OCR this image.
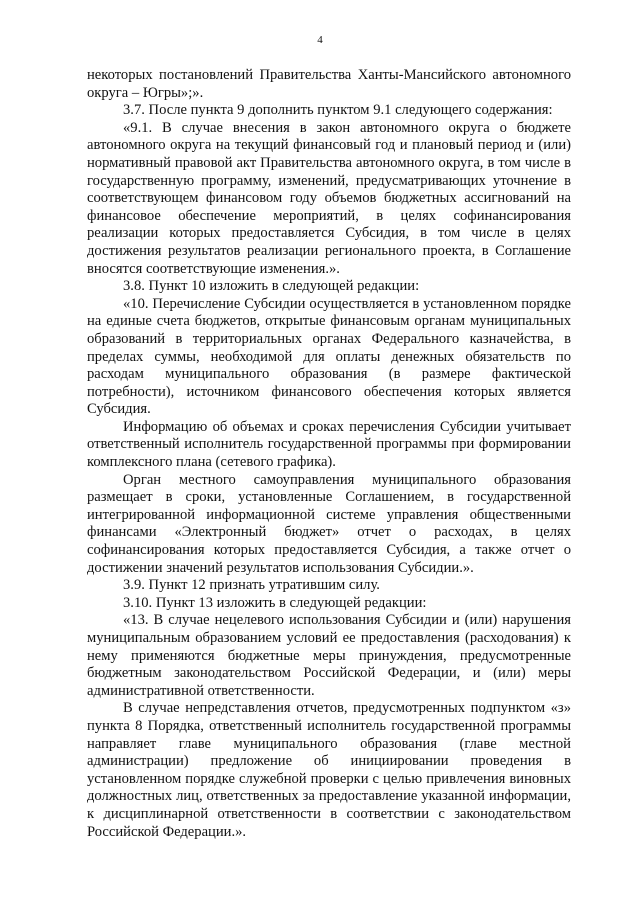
4

некоторых постановлений Правительства Ханты-Мансийского автономного округа – Югры»;».

3.7. После пункта 9 дополнить пунктом 9.1 следующего содержания:

«9.1. В случае внесения в закон автономного округа о бюджете автономного округа на текущий финансовый год и плановый период и (или) нормативный правовой акт Правительства автономного округа, в том числе в государственную программу, изменений, предусматривающих уточнение в соответствующем финансовом году объемов бюджетных ассигнований на финансовое обеспечение мероприятий, в целях софинансирования реализации которых предоставляется Субсидия, в том числе в целях достижения результатов реализации регионального проекта, в Соглашение вносятся соответствующие изменения.».

3.8. Пункт 10 изложить в следующей редакции:

«10. Перечисление Субсидии осуществляется в установленном порядке на единые счета бюджетов, открытые финансовым органам муниципальных образований в территориальных органах Федерального казначейства, в пределах суммы, необходимой для оплаты денежных обязательств по расходам муниципального образования (в размере фактической потребности), источником финансового обеспечения которых является Субсидия.

Информацию об объемах и сроках перечисления Субсидии учитывает ответственный исполнитель государственной программы при формировании комплексного плана (сетевого графика).

Орган местного самоуправления муниципального образования размещает в сроки, установленные Соглашением, в государственной интегрированной информационной системе управления общественными финансами «Электронный бюджет» отчет о расходах, в целях софинансирования которых предоставляется Субсидия, а также отчет о достижении значений результатов использования Субсидии.».

3.9. Пункт 12 признать утратившим силу.

3.10. Пункт 13 изложить в следующей редакции:

«13. В случае нецелевого использования Субсидии и (или) нарушения муниципальным образованием условий ее предоставления (расходования) к нему применяются бюджетные меры принуждения, предусмотренные бюджетным законодательством Российской Федерации, и (или) меры административной ответственности.

В случае непредставления отчетов, предусмотренных подпунктом «з» пункта 8 Порядка, ответственный исполнитель государственной программы направляет главе муниципального образования (главе местной администрации) предложение об инициировании проведения в установленном порядке служебной проверки с целью привлечения виновных должностных лиц, ответственных за предоставление указанной информации, к дисциплинарной ответственности в соответствии с законодательством Российской Федерации.».
